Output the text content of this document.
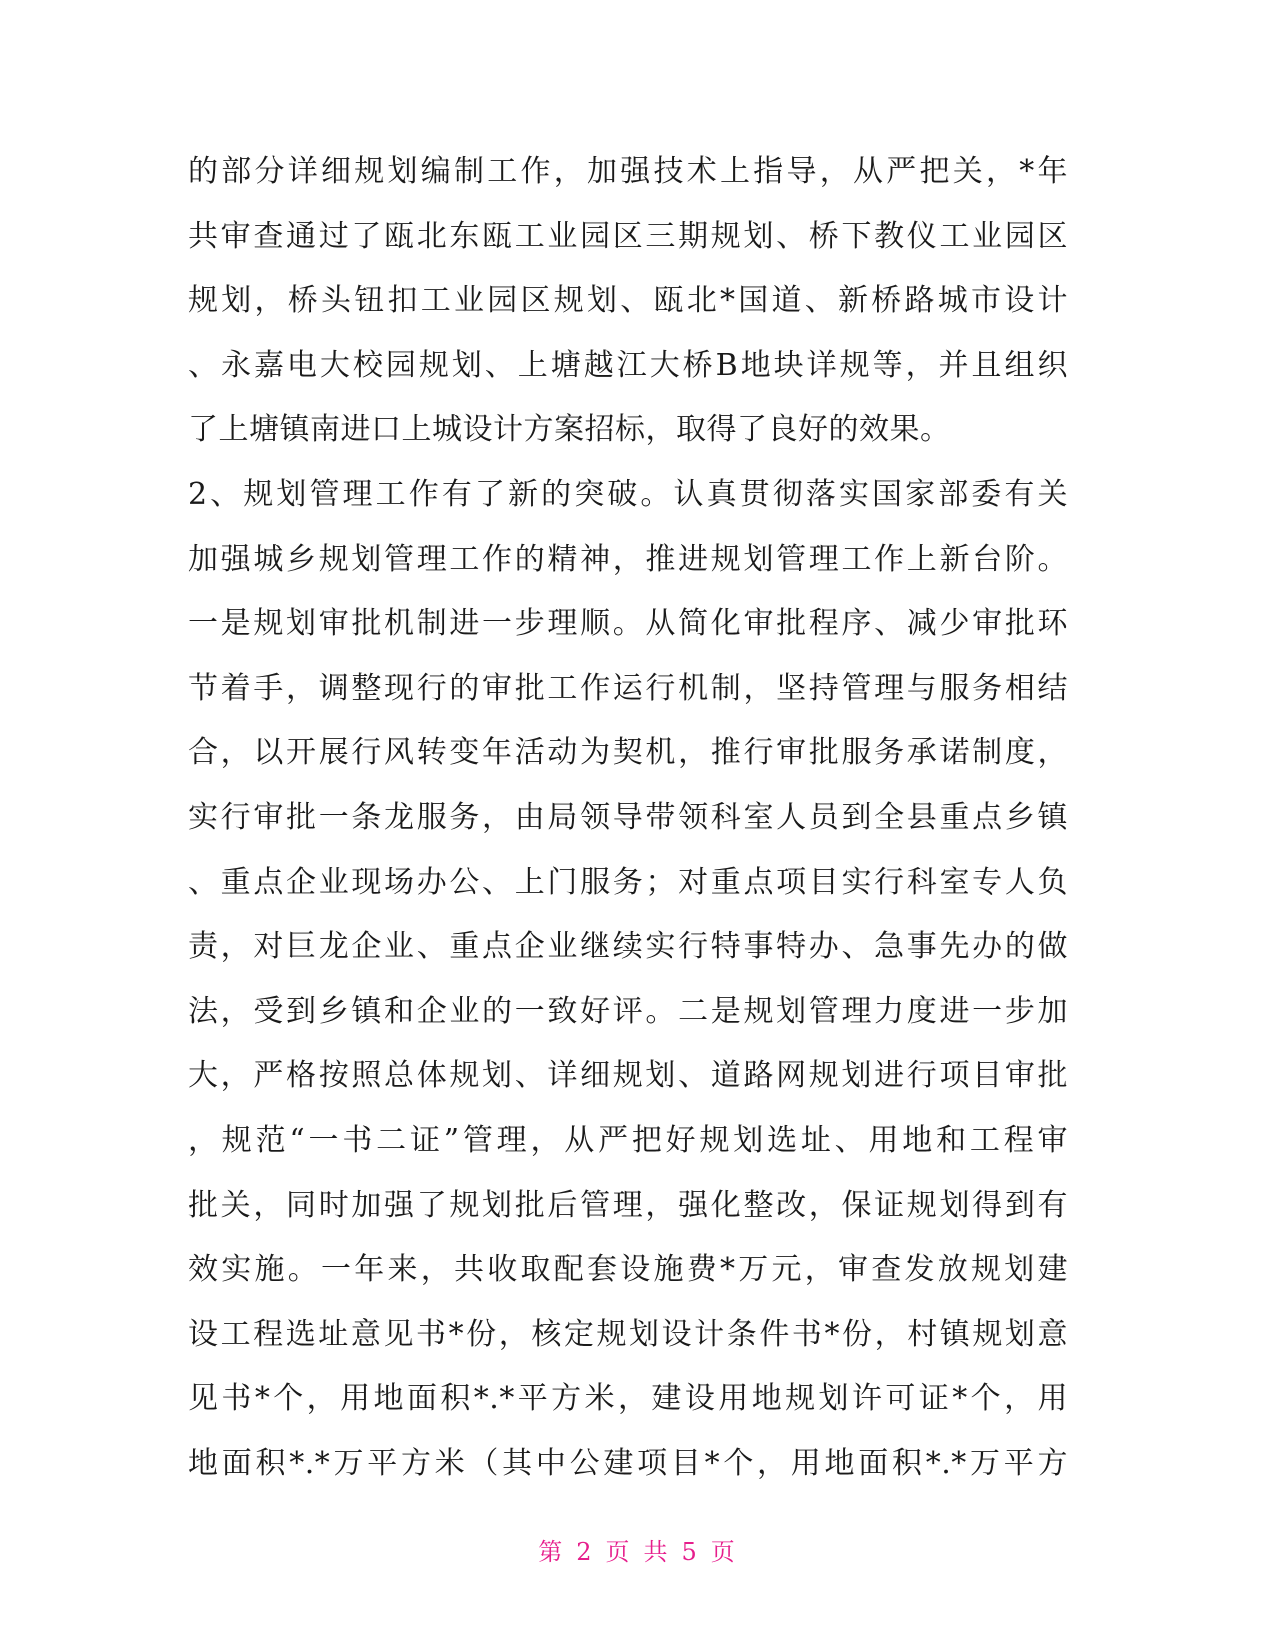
的部分详细规划编制工作，加强技术上指导，从严把关，*年
共审查通过了瓯北东瓯工业园区三期规划、桥下教仪工业园区
规划，桥头钮扣工业园区规划、瓯北*国道、新桥路城市设计
、永嘉电大校园规划、上塘越江大桥B地块详规等，并且组织
了上塘镇南进口上城设计方案招标，取得了良好的效果。
2、规划管理工作有了新的突破。认真贯彻落实国家部委有关
加强城乡规划管理工作的精神，推进规划管理工作上新台阶。
一是规划审批机制进一步理顺。从简化审批程序、减少审批环
节着手，调整现行的审批工作运行机制，坚持管理与服务相结
合，以开展行风转变年活动为契机，推行审批服务承诺制度，
实行审批一条龙服务，由局领导带领科室人员到全县重点乡镇
、重点企业现场办公、上门服务；对重点项目实行科室专人负
责，对巨龙企业、重点企业继续实行特事特办、急事先办的做
法，受到乡镇和企业的一致好评。二是规划管理力度进一步加
大，严格按照总体规划、详细规划、道路网规划进行项目审批
，规范“一书二证”管理，从严把好规划选址、用地和工程审
批关，同时加强了规划批后管理，强化整改，保证规划得到有
效实施。一年来，共收取配套设施费*万元，审查发放规划建
设工程选址意见书*份，核定规划设计条件书*份，村镇规划意
见书*个，用地面积*.*平方米，建设用地规划许可证*个，用
地面积*.*万平方米（其中公建项目*个，用地面积*.*万平方
第 2 页 共 5 页
